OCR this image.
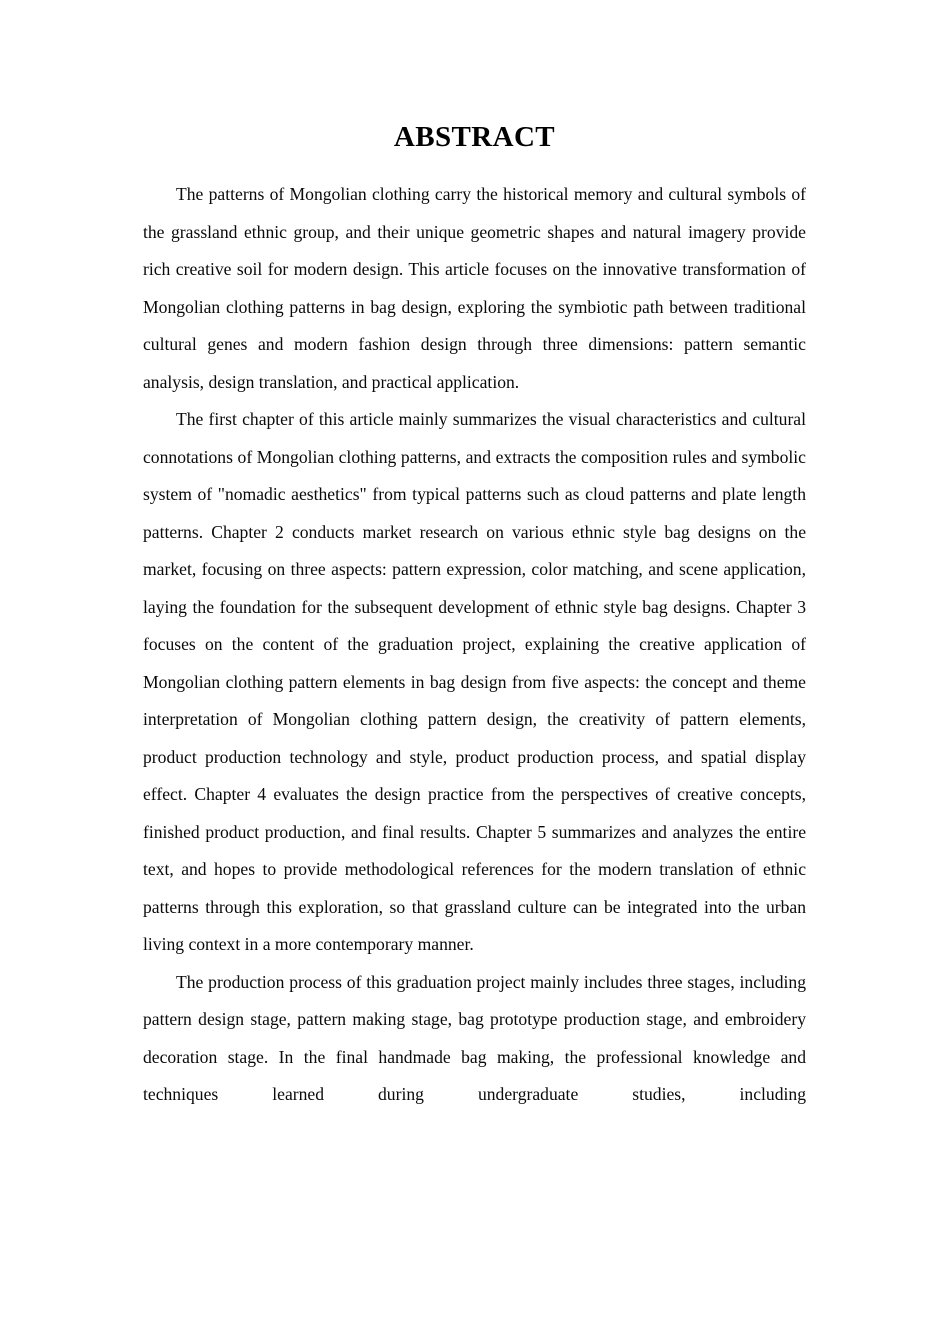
ABSTRACT

The patterns of Mongolian clothing carry the historical memory and cultural symbols of the grassland ethnic group, and their unique geometric shapes and natural imagery provide rich creative soil for modern design. This article focuses on the innovative transformation of Mongolian clothing patterns in bag design, exploring the symbiotic path between traditional cultural genes and modern fashion design through three dimensions: pattern semantic analysis, design translation, and practical application.

The first chapter of this article mainly summarizes the visual characteristics and cultural connotations of Mongolian clothing patterns, and extracts the composition rules and symbolic system of "nomadic aesthetics" from typical patterns such as cloud patterns and plate length patterns. Chapter 2 conducts market research on various ethnic style bag designs on the market, focusing on three aspects: pattern expression, color matching, and scene application, laying the foundation for the subsequent development of ethnic style bag designs. Chapter 3 focuses on the content of the graduation project, explaining the creative application of Mongolian clothing pattern elements in bag design from five aspects: the concept and theme interpretation of Mongolian clothing pattern design, the creativity of pattern elements, product production technology and style, product production process, and spatial display effect. Chapter 4 evaluates the design practice from the perspectives of creative concepts, finished product production, and final results. Chapter 5 summarizes and analyzes the entire text, and hopes to provide methodological references for the modern translation of ethnic patterns through this exploration, so that grassland culture can be integrated into the urban living context in a more contemporary manner.

The production process of this graduation project mainly includes three stages, including pattern design stage, pattern making stage, bag prototype production stage, and embroidery decoration stage. In the final handmade bag making, the professional knowledge and techniques learned during undergraduate studies, including
